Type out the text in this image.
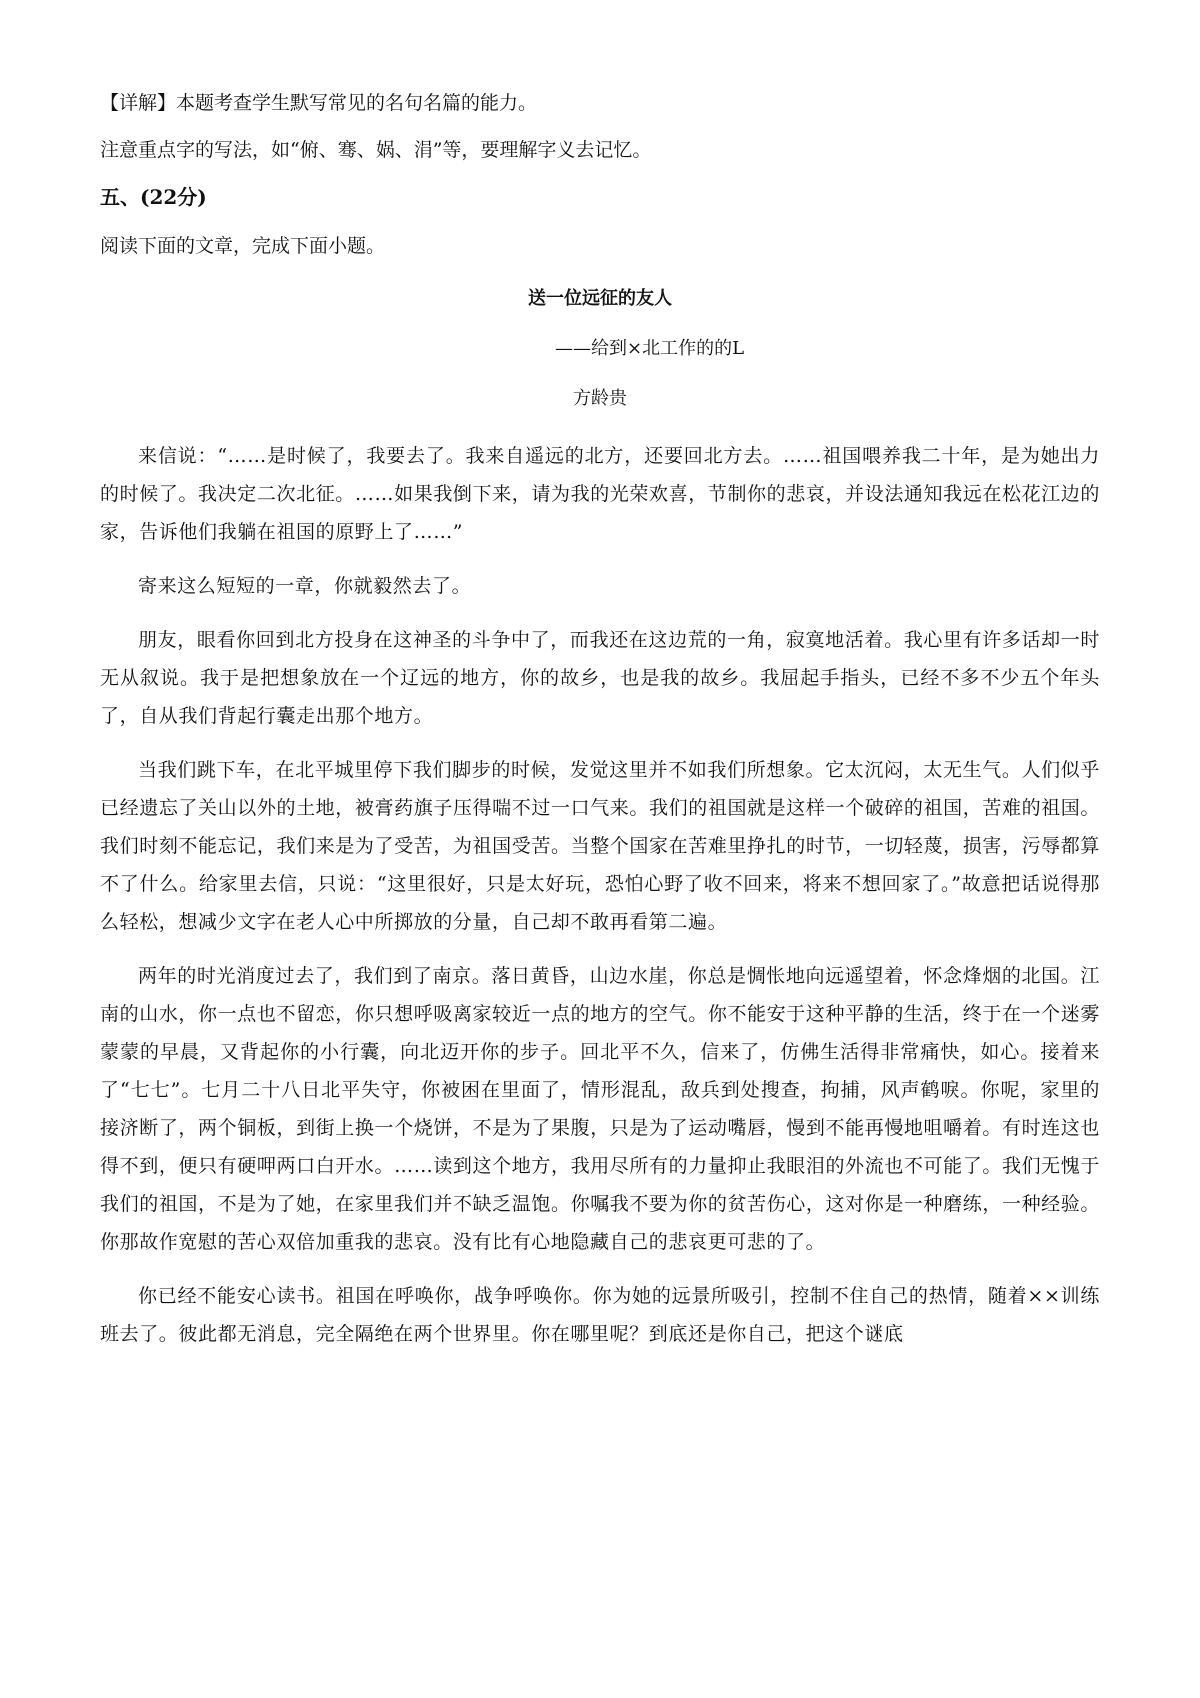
【详解】本题考查学生默写常见的名句名篇的能力。
注意重点字的写法，如“俯、骞、娲、涓”等，要理解字义去记忆。
五、(22分)
阅读下面的文章，完成下面小题。
送一位远征的友人
——给到×北工作的的L
方龄贵

来信说：“……是时候了，我要去了。我来自遥远的北方，还要回北方去。……祖国喂养我二十年，是为她出力的时候了。我决定二次北征。……如果我倒下来，请为我的光荣欢喜，节制你的悲哀，并设法通知我远在松花江边的家，告诉他们我躺在祖国的原野上了……”

寄来这么短短的一章，你就毅然去了。

朋友，眼看你回到北方投身在这神圣的斗争中了，而我还在这边荒的一角，寂寞地活着。我心里有许多话却一时无从叙说。我于是把想象放在一个辽远的地方，你的故乡，也是我的故乡。我屈起手指头，已经不多不少五个年头了，自从我们背起行囊走出那个地方。

当我们跳下车，在北平城里停下我们脚步的时候，发觉这里并不如我们所想象。它太沉闷，太无生气。人们似乎已经遗忘了关山以外的土地，被膏药旗子压得喘不过一口气来。我们的祖国就是这样一个破碎的祖国，苦难的祖国。我们时刻不能忘记，我们来是为了受苦，为祖国受苦。当整个国家在苦难里挣扎的时节，一切轻蔑，损害，污辱都算不了什么。给家里去信，只说：“这里很好，只是太好玩，恐怕心野了收不回来，将来不想回家了。”故意把话说得那么轻松，想减少文字在老人心中所掷放的分量，自己却不敢再看第二遍。

两年的时光消度过去了，我们到了南京。落日黄昏，山边水崖，你总是惆怅地向远遥望着，怀念烽烟的北国。江南的山水，你一点也不留恋，你只想呼吸离家较近一点的地方的空气。你不能安于这种平静的生活，终于在一个迷雾蒙蒙的早晨，又背起你的小行囊，向北迈开你的步子。回北平不久，信来了，仿佛生活得非常痛快，如心。接着来了“七七”。七月二十八日北平失守，你被困在里面了，情形混乱，敌兵到处搜查，拘捕，风声鹤唳。你呢，家里的接济断了，两个铜板，到街上换一个烧饼，不是为了果腹，只是为了运动嘴唇，慢到不能再慢地咀嚼着。有时连这也得不到，便只有硬呷两口白开水。……读到这个地方，我用尽所有的力量抑止我眼泪的外流也不可能了。我们无愧于我们的祖国，不是为了她，在家里我们并不缺乏温饱。你嘱我不要为你的贫苦伤心，这对你是一种磨练，一种经验。你那故作宽慰的苦心双倍加重我的悲哀。没有比有心地隐藏自己的悲哀更可悲的了。

你已经不能安心读书。祖国在呼唤你，战争呼唤你。你为她的远景所吸引，控制不住自己的热情，随着××训练班去了。彼此都无消息，完全隔绝在两个世界里。你在哪里呢？到底还是你自己，把这个谜底
